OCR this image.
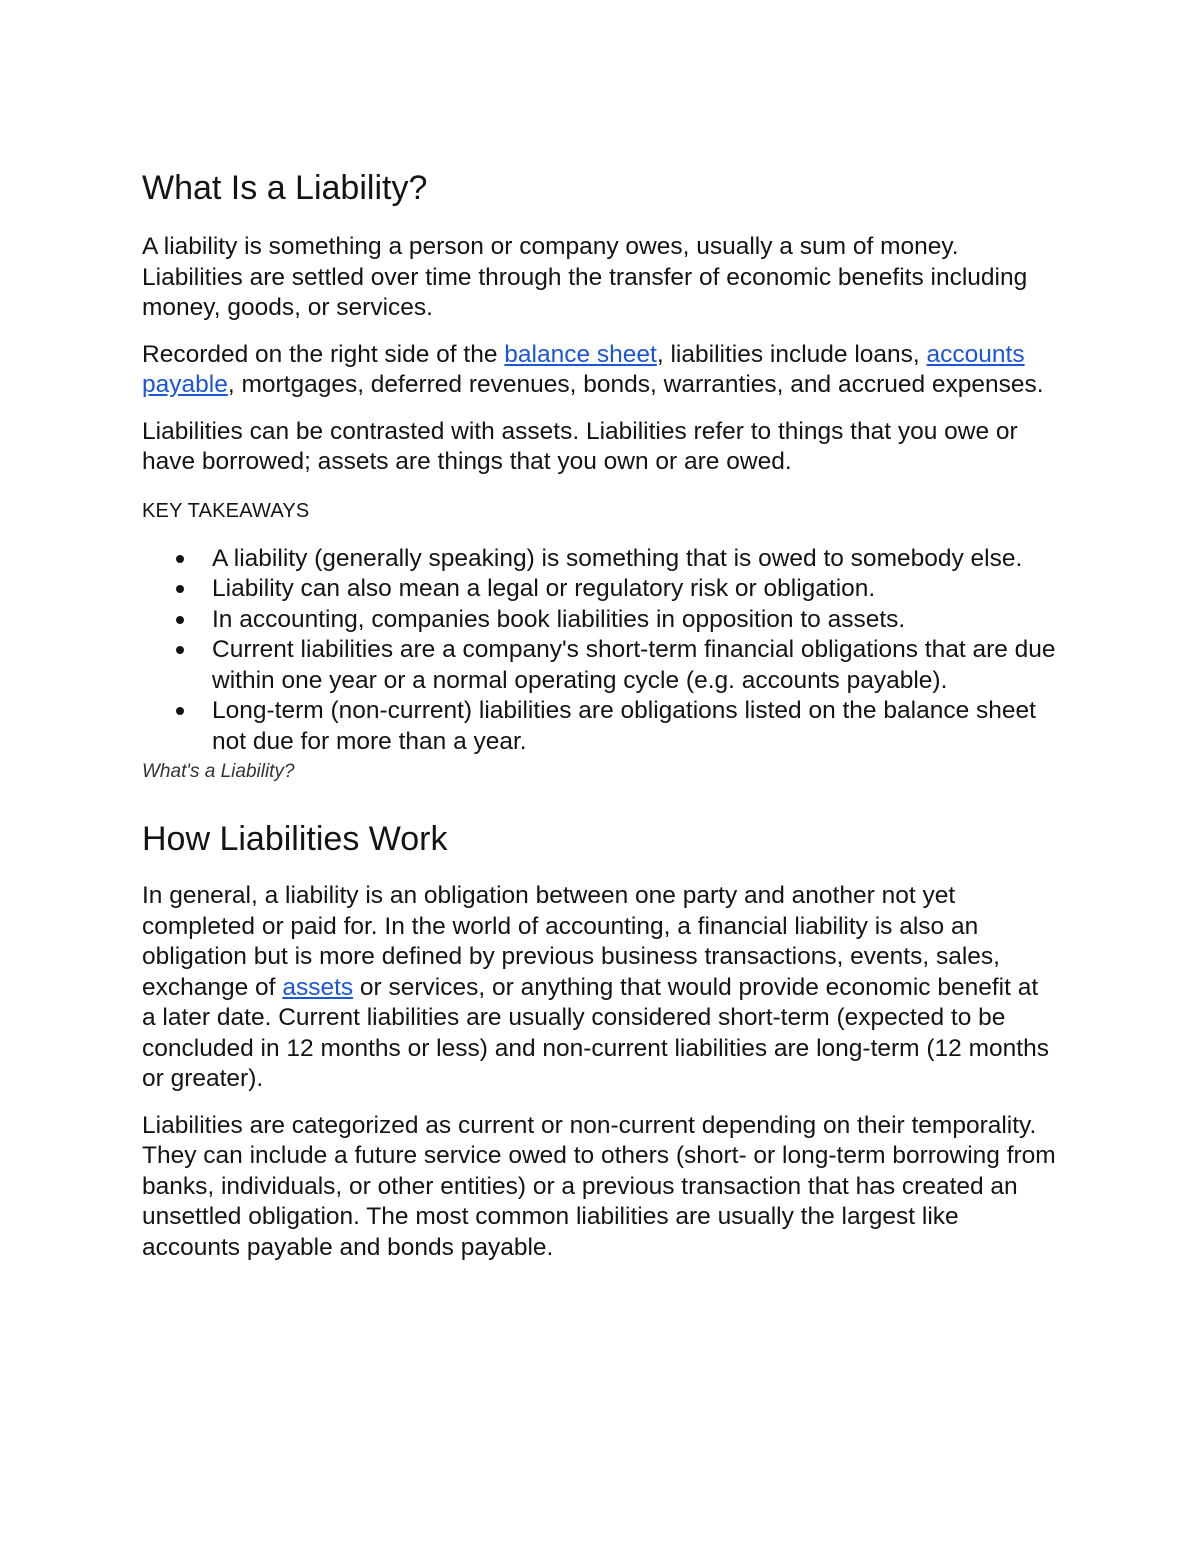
What Is a Liability?

A liability is something a person or company owes, usually a sum of money. Liabilities are settled over time through the transfer of economic benefits including money, goods, or services.

Recorded on the right side of the balance sheet, liabilities include loans, accounts payable, mortgages, deferred revenues, bonds, warranties, and accrued expenses.

Liabilities can be contrasted with assets. Liabilities refer to things that you owe or have borrowed; assets are things that you own or are owed.

KEY TAKEAWAYS
A liability (generally speaking) is something that is owed to somebody else.
Liability can also mean a legal or regulatory risk or obligation.
In accounting, companies book liabilities in opposition to assets.
Current liabilities are a company's short-term financial obligations that are due within one year or a normal operating cycle (e.g. accounts payable).
Long-term (non-current) liabilities are obligations listed on the balance sheet not due for more than a year.
What's a Liability?
How Liabilities Work

In general, a liability is an obligation between one party and another not yet completed or paid for. In the world of accounting, a financial liability is also an obligation but is more defined by previous business transactions, events, sales, exchange of assets or services, or anything that would provide economic benefit at a later date. Current liabilities are usually considered short-term (expected to be concluded in 12 months or less) and non-current liabilities are long-term (12 months or greater).

Liabilities are categorized as current or non-current depending on their temporality. They can include a future service owed to others (short- or long-term borrowing from banks, individuals, or other entities) or a previous transaction that has created an unsettled obligation. The most common liabilities are usually the largest like accounts payable and bonds payable.
